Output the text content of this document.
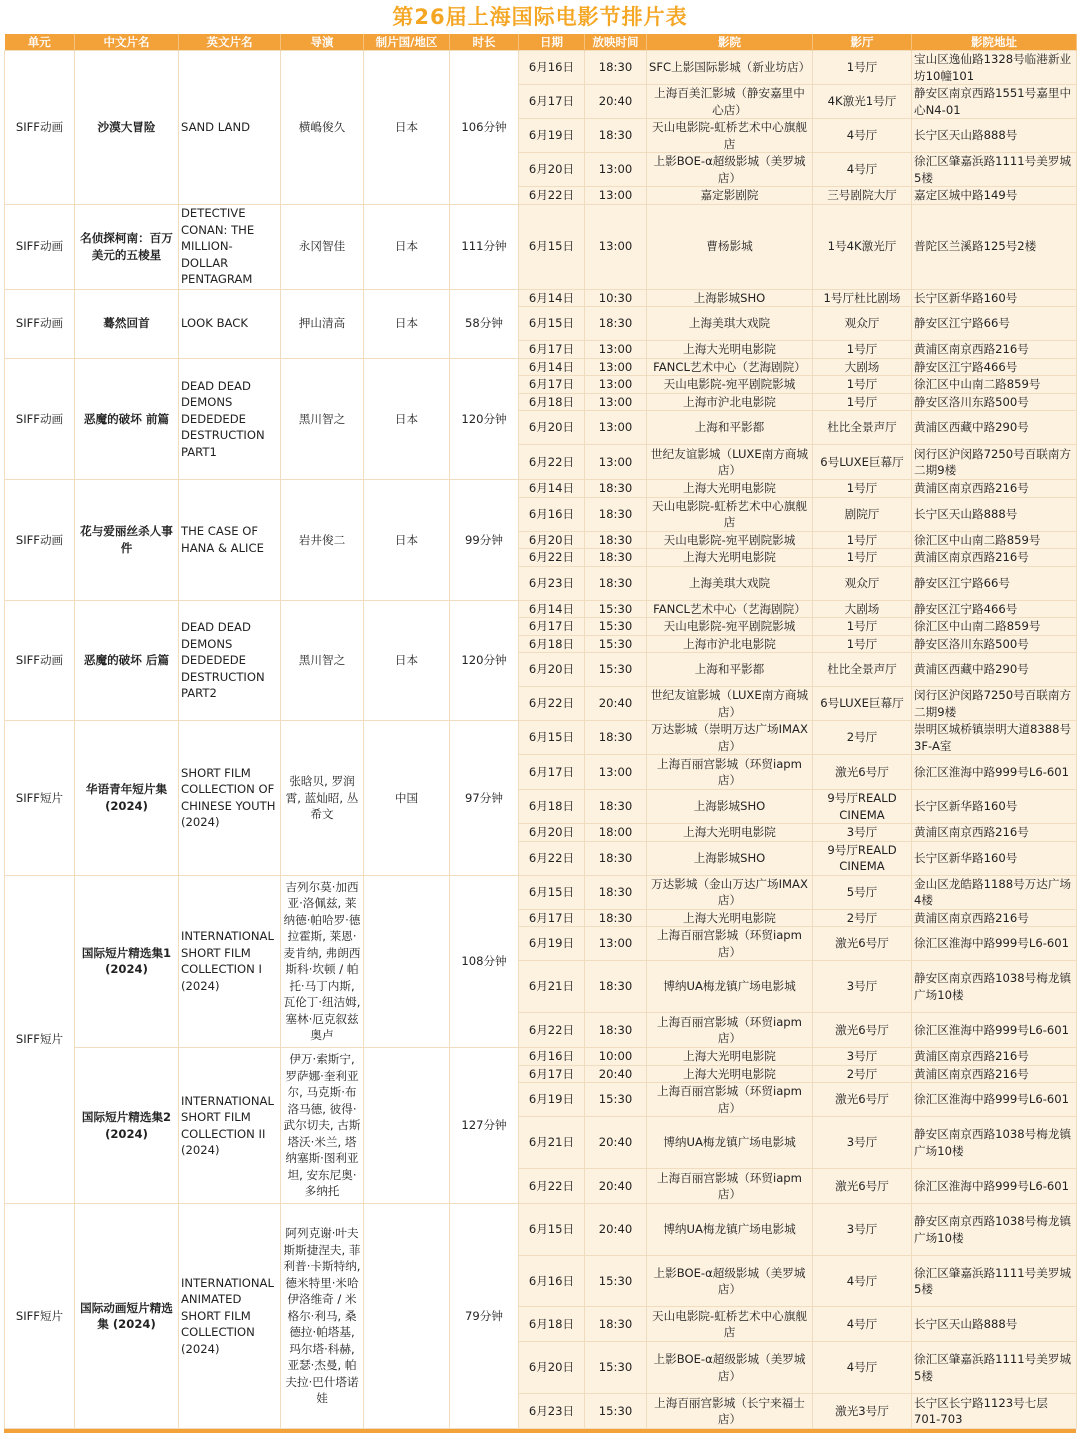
第26届上海国际电影节排片表
单元	中文片名	英文片名	导演	制片国/地区	时长	日期	放映时间	影院	影厅	影院地址
SIFF动画	沙漠大冒险	SAND LAND	横嶋俊久	日本	106分钟	6月16日	18:30	SFC上影国际影城（新业坊店）	1号厅	宝山区逸仙路1328号临港新业坊10幢101
						6月17日	20:40	上海百美汇影城（静安嘉里中心店）	4K激光1号厅	静安区南京西路1551号嘉里中心N4-01
						6月19日	18:30	天山电影院-虹桥艺术中心旗舰店	4号厅	长宁区天山路888号
						6月20日	13:00	上影BOE-α超级影城（美罗城店）	4号厅	徐汇区肇嘉浜路1111号美罗城5楼
						6月22日	13:00	嘉定影剧院	三号剧院大厅	嘉定区城中路149号
SIFF动画	名侦探柯南：百万美元的五棱星	DETECTIVE CONAN: THE MILLION-DOLLAR PENTAGRAM	永冈智佳	日本	111分钟	6月15日	13:00	曹杨影城	1号4K激光厅	普陀区兰溪路125号2楼
SIFF动画	蓦然回首	LOOK BACK	押山清高	日本	58分钟	6月14日	10:30	上海影城SHO	1号厅杜比剧场	长宁区新华路160号
						6月15日	18:30	上海美琪大戏院	观众厅	静安区江宁路66号
						6月17日	13:00	上海大光明电影院	1号厅	黄浦区南京西路216号
SIFF动画	恶魔的破坏 前篇	DEAD DEAD DEMONS DEDEDEDE DESTRUCTION PART1	黑川智之	日本	120分钟	6月14日	13:00	FANCL艺术中心（艺海剧院）	大剧场	静安区江宁路466号
						6月17日	13:00	天山电影院-宛平剧院影城	1号厅	徐汇区中山南二路859号
						6月18日	13:00	上海市沪北电影院	1号厅	静安区洛川东路500号
						6月20日	13:00	上海和平影都	杜比全景声厅	黄浦区西藏中路290号
						6月22日	13:00	世纪友谊影城（LUXE南方商城店）	6号LUXE巨幕厅	闵行区沪闵路7250号百联南方二期9楼
SIFF动画	花与爱丽丝杀人事件	THE CASE OF HANA & ALICE	岩井俊二	日本	99分钟	6月14日	18:30	上海大光明电影院	1号厅	黄浦区南京西路216号
						6月16日	18:30	天山电影院-虹桥艺术中心旗舰店	剧院厅	长宁区天山路888号
						6月20日	18:30	天山电影院-宛平剧院影城	1号厅	徐汇区中山南二路859号
						6月22日	18:30	上海大光明电影院	1号厅	黄浦区南京西路216号
						6月23日	18:30	上海美琪大戏院	观众厅	静安区江宁路66号
SIFF动画	恶魔的破坏 后篇	DEAD DEAD DEMONS DEDEDEDE DESTRUCTION PART2	黑川智之	日本	120分钟	6月14日	15:30	FANCL艺术中心（艺海剧院）	大剧场	静安区江宁路466号
						6月17日	15:30	天山电影院-宛平剧院影城	1号厅	徐汇区中山南二路859号
						6月18日	15:30	上海市沪北电影院	1号厅	静安区洛川东路500号
						6月20日	15:30	上海和平影都	杜比全景声厅	黄浦区西藏中路290号
						6月22日	20:40	世纪友谊影城（LUXE南方商城店）	6号LUXE巨幕厅	闵行区沪闵路7250号百联南方二期9楼
SIFF短片	华语青年短片集(2024)	SHORT FILM COLLECTION OF CHINESE YOUTH (2024)	张晗贝, 罗润霄, 蓝灿昭, 丛希文	中国	97分钟	6月15日	18:30	万达影城（崇明万达广场IMAX店）	2号厅	崇明区城桥镇崇明大道8388号3F-A室
						6月17日	13:00	上海百丽宫影城（环贸iapm店）	激光6号厅	徐汇区淮海中路999号L6-601
						6月18日	18:30	上海影城SHO	9号厅REALD CINEMA	长宁区新华路160号
						6月20日	18:00	上海大光明电影院	3号厅	黄浦区南京西路216号
						6月22日	18:30	上海影城SHO	9号厅REALD CINEMA	长宁区新华路160号
SIFF短片	国际短片精选集1 (2024)	INTERNATIONAL SHORT FILM COLLECTION I (2024)	吉列尔莫·加西亚·洛佩兹, 莱纳德·帕哈罗·德拉霍斯, 莱恩·麦肯纳, 弗朗西斯科·坎顿 / 帕托·马丁内斯, 瓦伦丁·纽洁姆, 塞林·厄克叙兹奥卢		108分钟	6月15日	18:30	万达影城（金山万达广场IMAX店）	5号厅	金山区龙皓路1188号万达广场4楼
						6月17日	18:30	上海大光明电影院	2号厅	黄浦区南京西路216号
						6月19日	13:00	上海百丽宫影城（环贸iapm店）	激光6号厅	徐汇区淮海中路999号L6-601
						6月21日	18:30	博纳UA梅龙镇广场电影城	3号厅	静安区南京西路1038号梅龙镇广场10楼
						6月22日	18:30	上海百丽宫影城（环贸iapm店）	激光6号厅	徐汇区淮海中路999号L6-601
	国际短片精选集2 (2024)	INTERNATIONAL SHORT FILM COLLECTION II (2024)	伊万·索斯宁, 罗萨娜·奎利亚尔, 马克斯·布洛马德, 彼得·武尔切夫, 古斯塔沃·米兰, 塔纳塞斯·图利亚坦, 安东尼奥·多纳托		127分钟	6月16日	10:00	上海大光明电影院	3号厅	黄浦区南京西路216号
						6月17日	20:40	上海大光明电影院	2号厅	黄浦区南京西路216号
						6月19日	15:30	上海百丽宫影城（环贸iapm店）	激光6号厅	徐汇区淮海中路999号L6-601
						6月21日	20:40	博纳UA梅龙镇广场电影城	3号厅	静安区南京西路1038号梅龙镇广场10楼
						6月22日	20:40	上海百丽宫影城（环贸iapm店）	激光6号厅	徐汇区淮海中路999号L6-601
SIFF短片	国际动画短片精选集 (2024)	INTERNATIONAL ANIMATED SHORT FILM COLLECTION (2024)	阿列克谢·叶夫斯斯捷涅夫, 菲利普·卡斯特纳, 德米特里·米哈伊洛维奇 / 米格尔·利马, 桑德拉·帕塔基, 玛尔塔·科赫, 亚瑟·杰曼, 帕夫拉·巴什塔诺娃		79分钟	6月15日	20:40	博纳UA梅龙镇广场电影城	3号厅	静安区南京西路1038号梅龙镇广场10楼
						6月16日	15:30	上影BOE-α超级影城（美罗城店）	4号厅	徐汇区肇嘉浜路1111号美罗城5楼
						6月18日	18:30	天山电影院-虹桥艺术中心旗舰店	4号厅	长宁区天山路888号
						6月20日	15:30	上影BOE-α超级影城（美罗城店）	4号厅	徐汇区肇嘉浜路1111号美罗城5楼
						6月23日	15:30	上海百丽宫影城（长宁来福士店）	激光3号厅	长宁区长宁路1123号七层701-703
